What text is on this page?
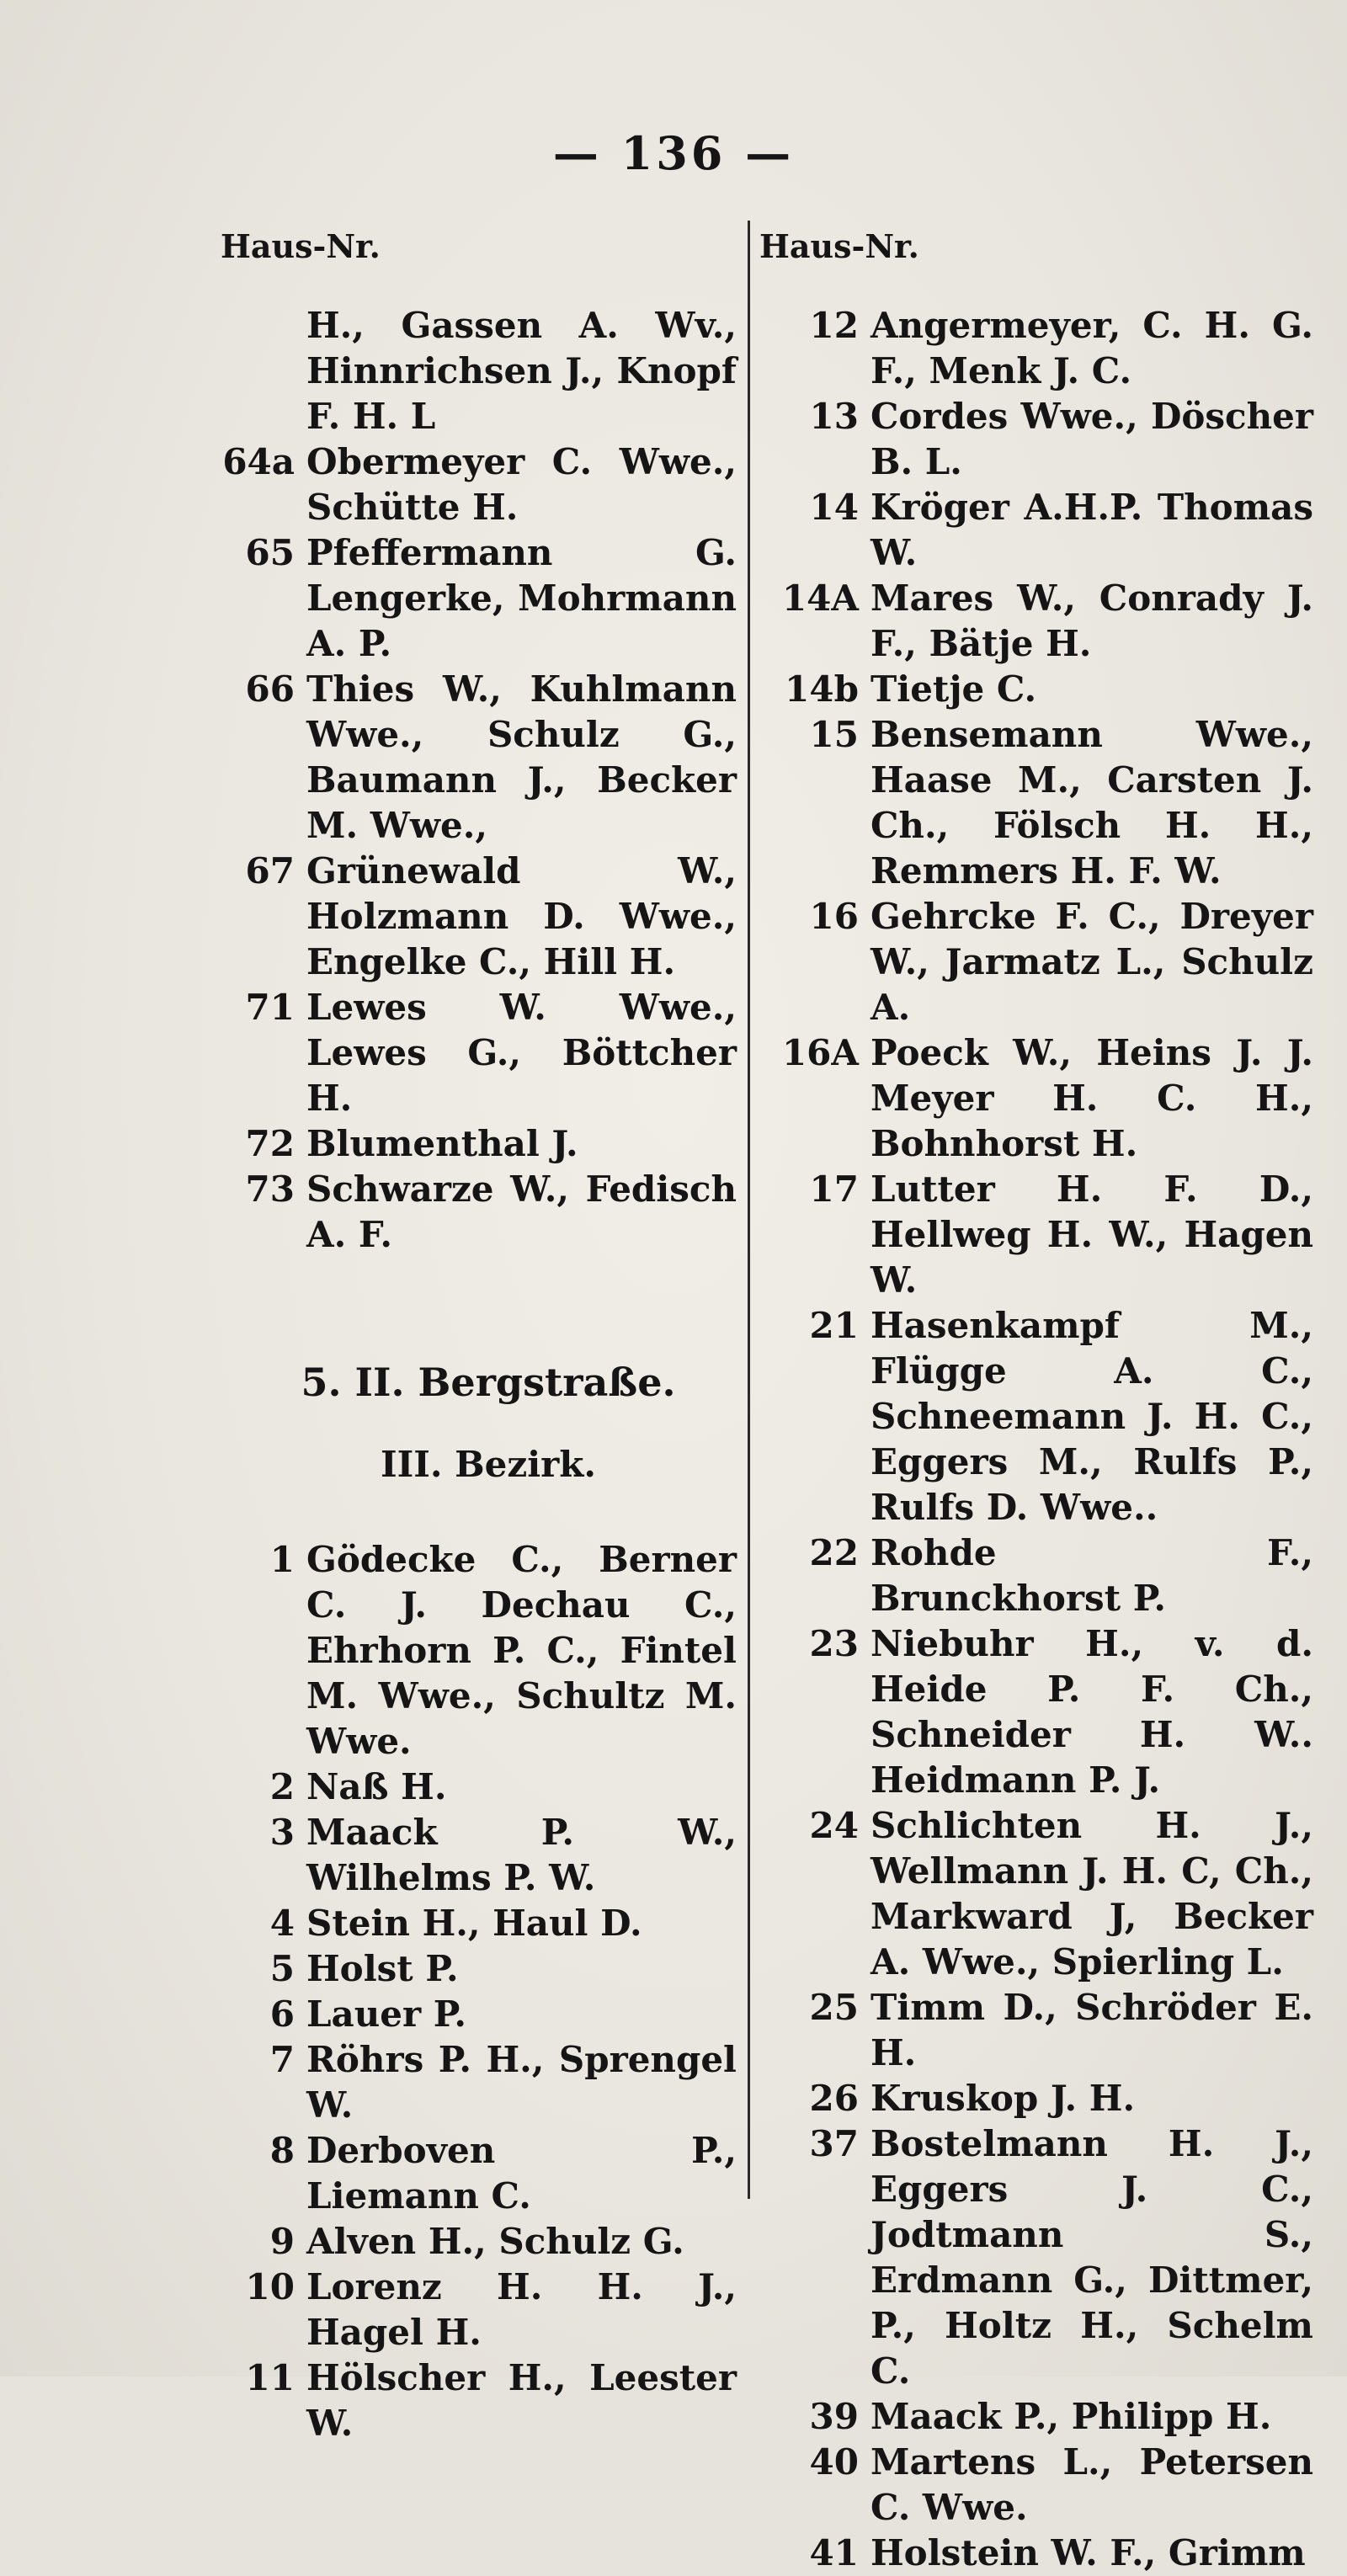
— 136 —
Haus-Nr.	Haus-Nr.
H., Gassen A. Wv., Hinnrichsen J., Knopf F. H. L
64a Obermeyer C. Wwe., Schütte H.
65 Pfeffermann G. Lengerke, Mohrmann A. P.
66 Thies W., Kuhlmann Wwe., Schulz G., Baumann J., Becker M. Wwe.,
67 Grünewald W., Holzmann D. Wwe., Engelke C., Hill H.
71 Lewes W. Wwe., Lewes G., Böttcher H.
72 Blumenthal J.
73 Schwarze W., Fedisch A. F.
5. II. Bergstraße.
III. Bezirk.
1 Gödecke C., Berner C. J. Dechau C., Ehrhorn P. C., Fintel M. Wwe., Schultz M. Wwe.
2 Naß H.
3 Maack P. W., Wilhelms P. W.
4 Stein H., Haul D.
5 Holst P.
6 Lauer P.
7 Röhrs P. H., Sprengel W.
8 Derboven P., Liemann C.
9 Alven H., Schulz G.
10 Lorenz H. H. J., Hagel H.
11 Hölscher H., Leester W.
12 Angermeyer, C. H. G. F., Menk J. C.
13 Cordes Wwe., Döscher B. L.
14 Kröger A.H.P. Thomas W.
14A Mares W., Conrady J. F., Bätje H.
14b Tietje C.
15 Bensemann Wwe., Haase M., Carsten J. Ch., Fölsch H. H., Remmers H. F. W.
16 Gehrcke F. C., Dreyer W., Jarmatz L., Schulz A.
16A Poeck W., Heins J. J. Meyer H. C. H., Bohnhorst H.
17 Lutter H. F. D., Hellweg H. W., Hagen W.
21 Hasenkampf M., Flügge A. C., Schneemann J. H. C., Eggers M., Rulfs P., Rulfs D. Wwe..
22 Rohde F., Brunckhorst P.
23 Niebuhr H., v. d. Heide P. F. Ch., Schneider H. W.. Heidmann P. J.
24 Schlichten H. J., Wellmann J. H. C, Ch., Markward J, Becker A. Wwe., Spierling L.
25 Timm D., Schröder E. H.
26 Kruskop J. H.
37 Bostelmann H. J., Eggers J. C., Jodtmann S., Erdmann G., Dittmer, P., Holtz H., Schelm C.
39 Maack P., Philipp H.
40 Martens L., Petersen C. Wwe.
41 Holstein W. F., Grimm
